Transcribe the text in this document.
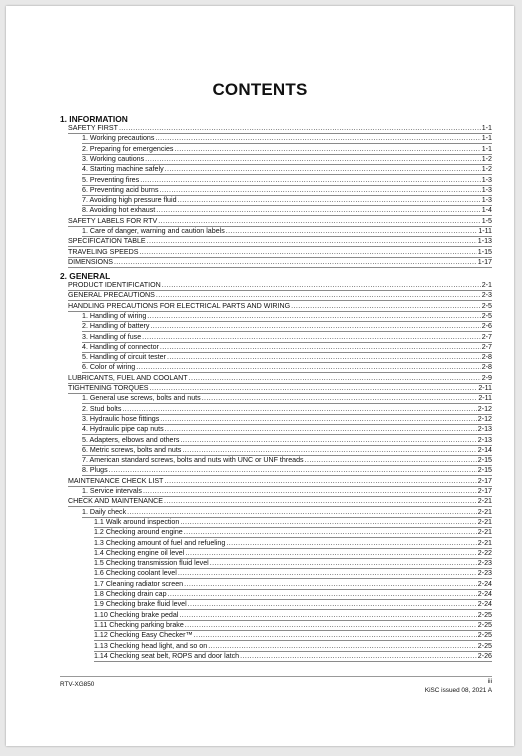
CONTENTS
1. INFORMATION
2. GENERAL
SAFETY FIRST .....	1-1
1. Working precautions .....	1-1
2. Preparing for emergencies .....	1-1
3. Working cautions .....	1-2
4. Starting machine safely .....	1-2
5. Preventing fires .....	1-3
6. Preventing acid burns .....	1-3
7. Avoiding high pressure fluid .....	1-3
8. Avoiding hot exhaust .....	1-4
SAFETY LABELS FOR RTV .....	1-5
1. Care of danger, warning and caution labels .....	1-11
SPECIFICATION TABLE .....	1-13
TRAVELING SPEEDS .....	1-15
DIMENSIONS .....	1-17
PRODUCT IDENTIFICATION .....	2-1
GENERAL PRECAUTIONS .....	2-3
HANDLING PRECAUTIONS FOR ELECTRICAL PARTS AND WIRING .....	2-5
1. Handling of wiring .....	2-5
2. Handling of battery .....	2-6
3. Handling of fuse .....	2-7
4. Handling of connector .....	2-7
5. Handling of circuit tester .....	2-8
6. Color of wiring .....	2-8
LUBRICANTS, FUEL AND COOLANT .....	2-9
TIGHTENING TORQUES .....	2-11
1. General use screws, bolts and nuts .....	2-11
2. Stud bolts .....	2-12
3. Hydraulic hose fittings .....	2-12
4. Hydraulic pipe cap nuts .....	2-13
5. Adapters, elbows and others .....	2-13
6. Metric screws, bolts and nuts .....	2-14
7. American standard screws, bolts and nuts with UNC or UNF threads .....	2-15
8. Plugs .....	2-15
MAINTENANCE CHECK LIST .....	2-17
1. Service intervals .....	2-17
CHECK AND MAINTENANCE .....	2-21
1. Daily check .....	2-21
1.1 Walk around inspection .....	2-21
1.2 Checking around engine .....	2-21
1.3 Checking amount of fuel and refueling .....	2-21
1.4 Checking engine oil level .....	2-22
1.5 Checking transmission fluid level .....	2-23
1.6 Checking coolant level .....	2-23
1.7 Cleaning radiator screen .....	2-24
1.8 Checking drain cap .....	2-24
1.9 Checking brake fluid level .....	2-24
1.10 Checking brake pedal .....	2-25
1.11 Checking parking brake .....	2-25
1.12 Checking Easy Checker™ .....	2-25
1.13 Checking head light, and so on .....	2-25
1.14 Checking seat belt, ROPS and door latch .....	2-26
RTV-XG850	iii
KiSC issued 08, 2021 A
